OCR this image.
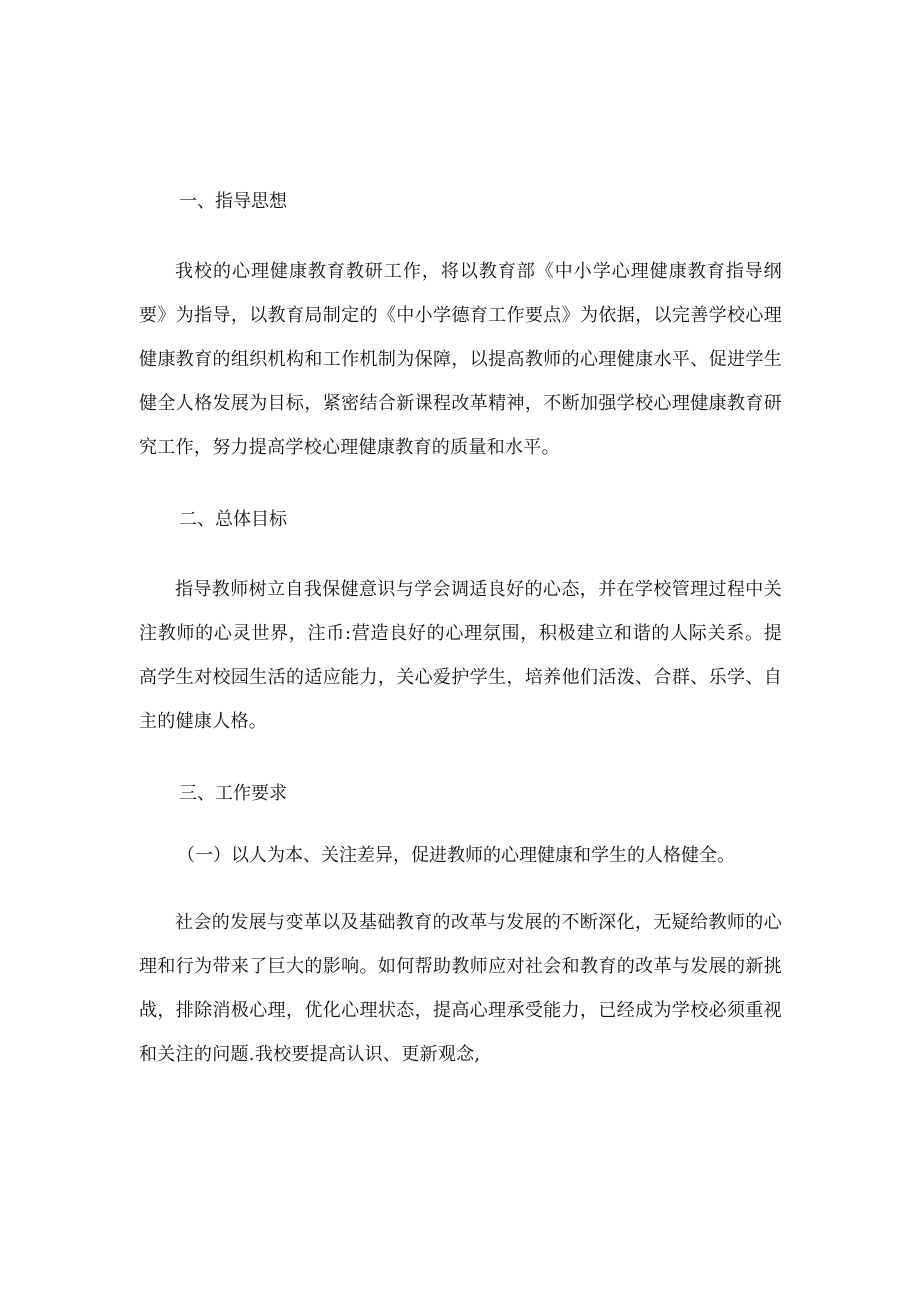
一、指导思想

我校的心理健康教育教研工作，将以教育部《中小学心理健康教育指导纲要》为指导，以教育局制定的《中小学德育工作要点》为依据，以完善学校心理健康教育的组织机构和工作机制为保障，以提高教师的心理健康水平、促进学生健全人格发展为目标，紧密结合新课程改革精神，不断加强学校心理健康教育研究工作，努力提高学校心理健康教育的质量和水平。

二、总体目标

指导教师树立自我保健意识与学会调适良好的心态，并在学校管理过程中关注教师的心灵世界，注币:营造良好的心理氛围，积极建立和谐的人际关系。提高学生对校园生活的适应能力，关心爱护学生，培养他们活泼、合群、乐学、自主的健康人格。

三、工作要求
（一）以人为本、关注差异，促进教师的心理健康和学生的人格健全。

社会的发展与变革以及基础教育的改革与发展的不断深化，无疑给教师的心理和行为带来了巨大的影响。如何帮助教师应对社会和教育的改革与发展的新挑战，排除消极心理，优化心理状态，提高心理承受能力，已经成为学校必须重视和关注的问题.我校要提高认识、更新观念,
